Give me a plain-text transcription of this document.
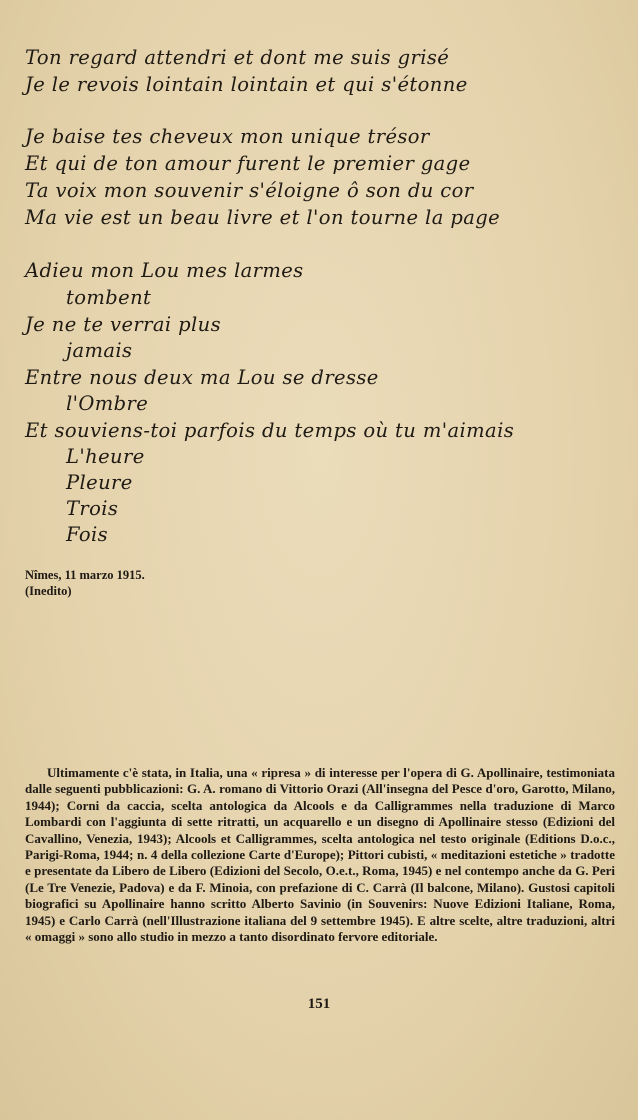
Ton regard attendri et dont me suis grisé
Je le revois lointain lointain et qui s'étonne
Je baise tes cheveux mon unique trésor
Et qui de ton amour furent le premier gage
Ta voix mon souvenir s'éloigne ô son du cor
Ma vie est un beau livre et l'on tourne la page
Adieu mon Lou mes larmes
tombent
Je ne te verrai plus
jamais
Entre nous deux ma Lou se dresse
l'Ombre
Et souviens-toi parfois du temps où tu m'aimais
L'heure
Pleure
Trois
Fois
Nîmes, 11 marzo 1915.
(Inedito)

Ultimamente c'è stata, in Italia, una « ripresa » di interesse per l'opera di G. Apollinaire, testimoniata dalle seguenti pubblicazioni: G. A. romano di Vittorio Orazi (All'insegna del Pesce d'oro, Garotto, Milano, 1944); Corni da caccia, scelta antologica da Alcools e da Calligrammes nella traduzione di Marco Lombardi con l'aggiunta di sette ritratti, un acquarello e un disegno di Apollinaire stesso (Edizioni del Cavallino, Venezia, 1943); Alcools et Calligrammes, scelta antologica nel testo originale (Editions D.o.c., Parigi-Roma, 1944; n. 4 della collezione Carte d'Europe); Pittori cubisti, « meditazioni estetiche » tradotte e presentate da Libero de Libero (Edizioni del Secolo, O.e.t., Roma, 1945) e nel contempo anche da G. Peri (Le Tre Venezie, Padova) e da F. Minoia, con prefazione di C. Carrà (Il balcone, Milano). Gustosi capitoli biografici su Apollinaire hanno scritto Alberto Savinio (in Souvenirs: Nuove Edizioni Italiane, Roma, 1945) e Carlo Carrà (nell'Illustrazione italiana del 9 settembre 1945). E altre scelte, altre traduzioni, altri « omaggi » sono allo studio in mezzo a tanto disordinato fervore editoriale.

151
